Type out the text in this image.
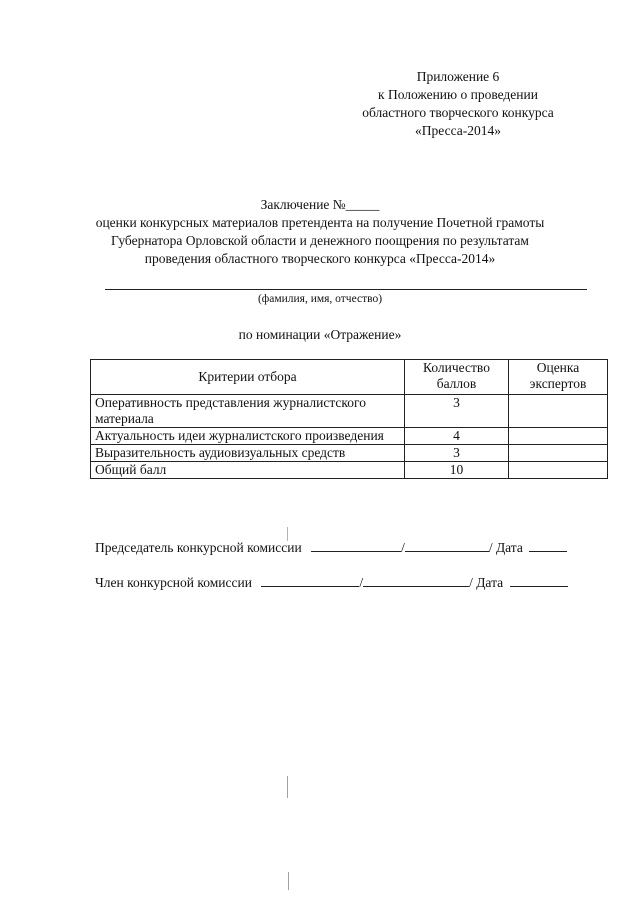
Приложение 6
к Положению о проведении
областного творческого конкурса
«Пресса-2014»
Заключение №_____
оценки конкурсных материалов претендента на получение Почетной грамоты
Губернатора Орловской области и денежного поощрения по результатам
проведения областного творческого конкурса «Пресса-2014»
(фамилия, имя, отчество)
по номинации «Отражение»
Критерии отбора	Количество баллов	Оценка экспертов
Оперативность представления журналистского материала	3	
Актуальность идеи журналистского произведения	4	
Выразительность аудиовизуальных средств	3	
Общий балл	10	
Председатель конкурсной комиссии	/	/ Дата
Член конкурсной комиссии	/	/ Дата
